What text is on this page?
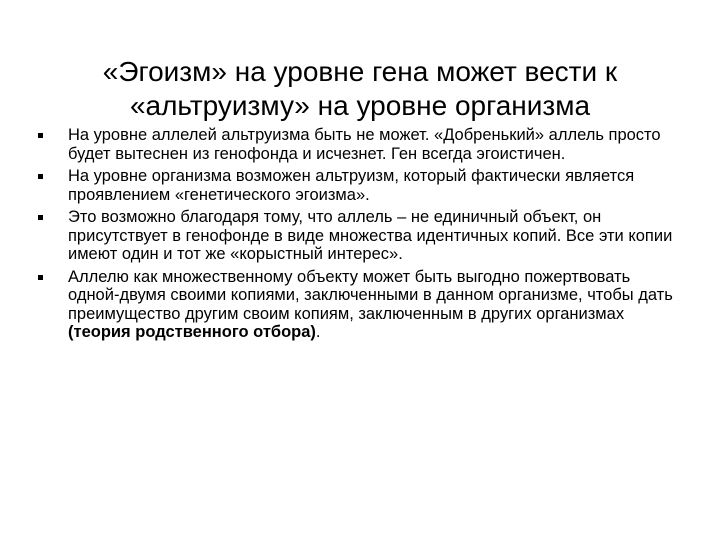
«Эгоизм» на уровне гена может вести к
«альтруизму» на уровне организма
На уровне аллелей альтруизма быть не может. «Добренький» аллель просто будет вытеснен из генофонда и исчезнет. Ген всегда эгоистичен.
На уровне организма возможен альтруизм, который фактически является проявлением «генетического эгоизма».
Это возможно благодаря тому, что аллель – не единичный объект, он присутствует в генофонде в виде множества идентичных копий. Все эти копии имеют один и тот же «корыстный интерес».
Аллелю как множественному объекту может быть выгодно пожертвовать одной-двумя своими копиями, заключенными в данном организме, чтобы дать преимущество другим своим копиям, заключенным в других организмах (теория родственного отбора).
